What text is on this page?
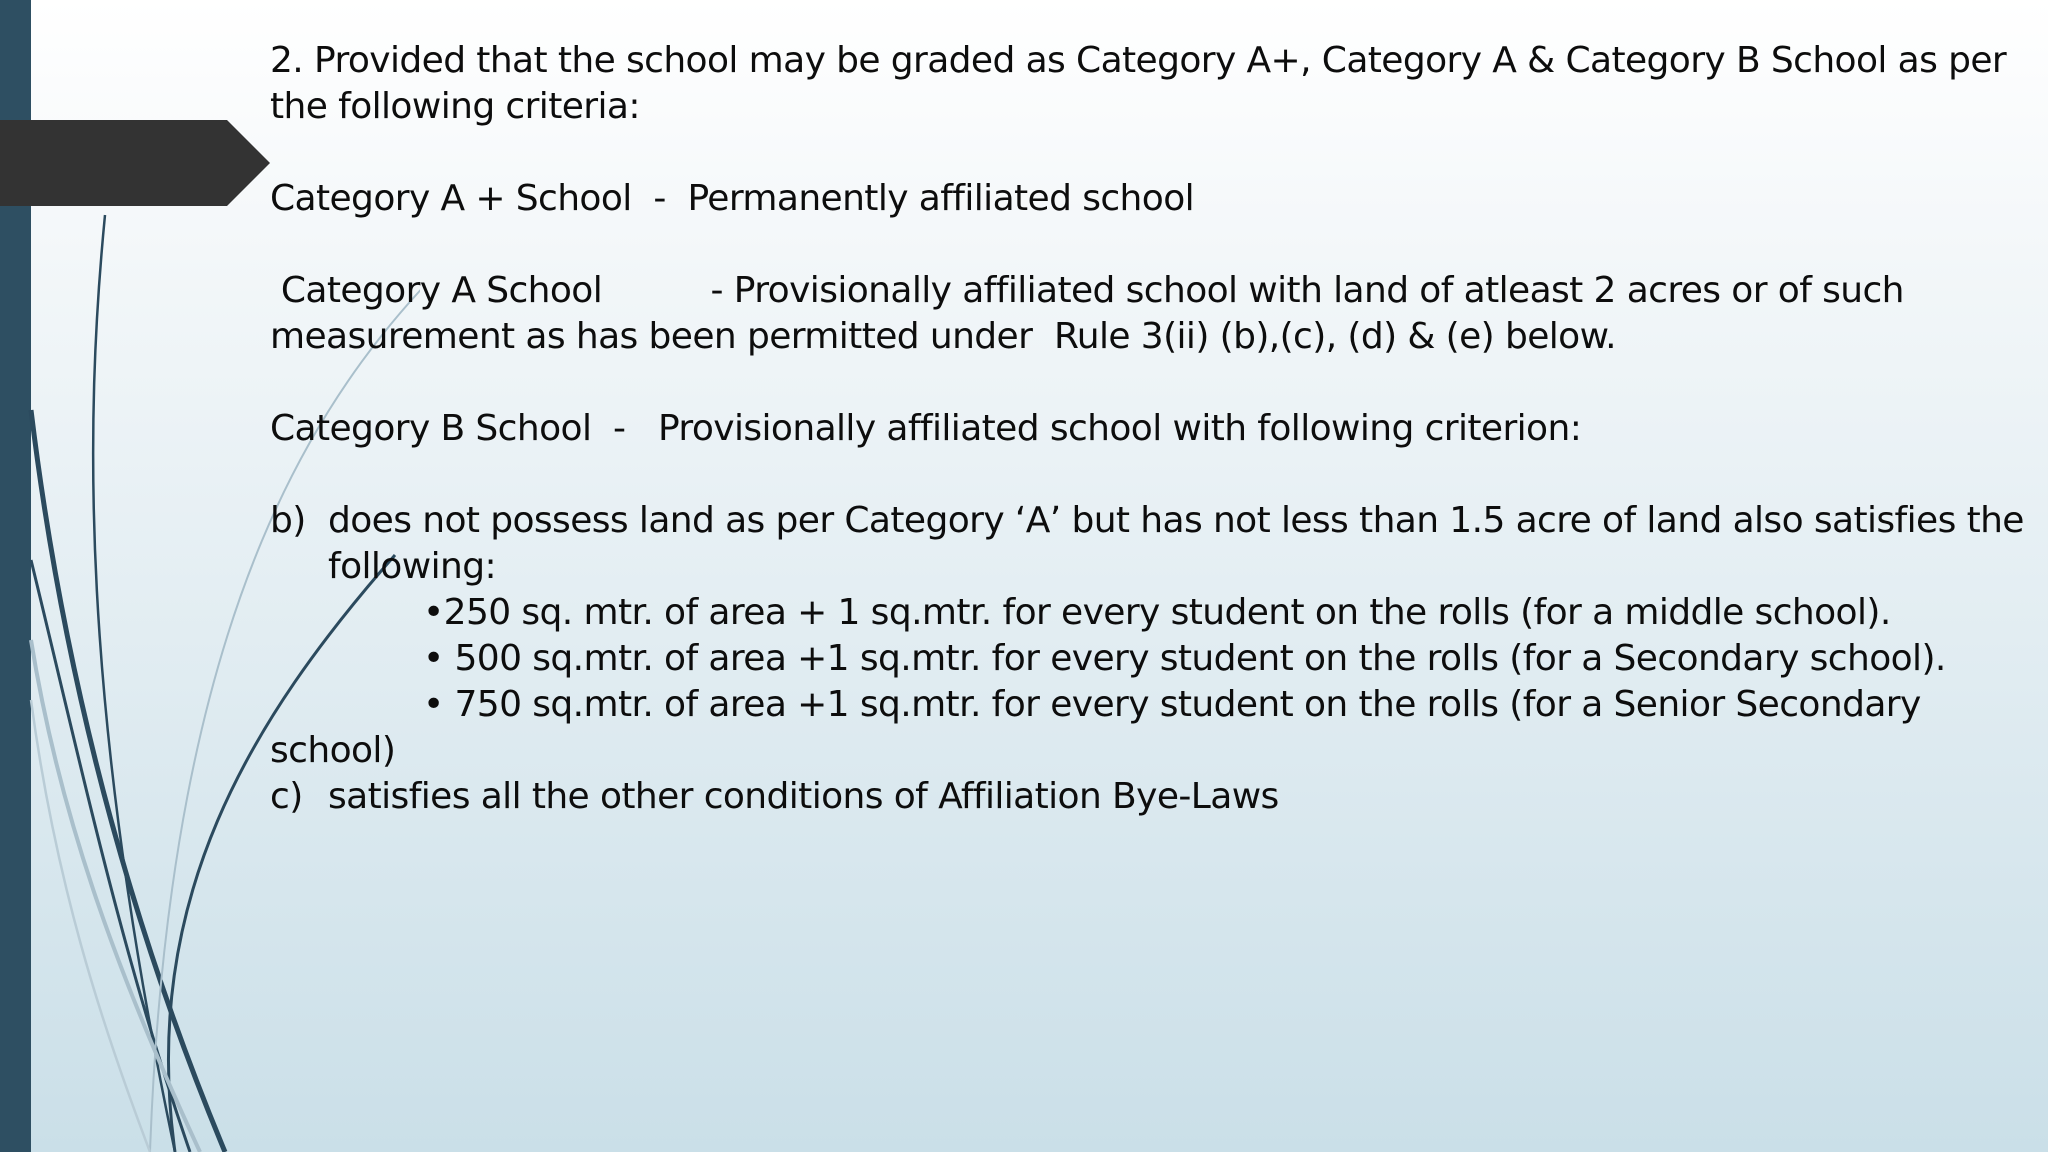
2. Provided that the school may be graded as Category A+, Category A & Category B School as per
the following criteria:
Category A + School - Permanently affiliated school
Category A School          - Provisionally affiliated school with land of atleast 2 acres or of such
measurement as has been permitted under  Rule 3(ii) (b),(c), (d) & (e) below.
Category B School - Provisionally affiliated school with following criterion:
b) does not possess land as per Category ‘A’ but has not less than 1.5 acre of land also satisfies the
following:
•250 sq. mtr. of area + 1 sq.mtr. for every student on the rolls (for a middle school).
• 500 sq.mtr. of area +1 sq.mtr. for every student on the rolls (for a Secondary school).
• 750 sq.mtr. of area +1 sq.mtr. for every student on the rolls (for a Senior Secondary
school)
c) satisfies all the other conditions of Affiliation Bye-Laws
